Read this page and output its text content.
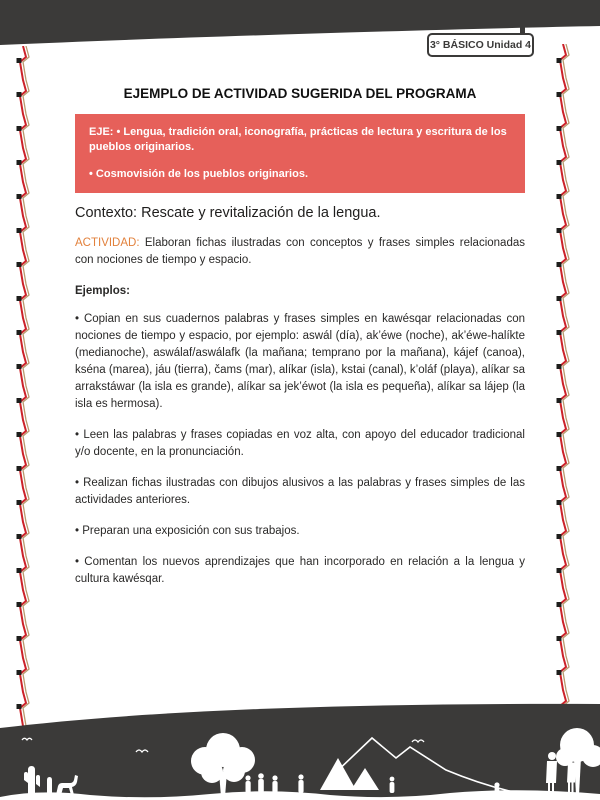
3° BÁSICO Unidad 4
EJEMPLO DE ACTIVIDAD SUGERIDA DEL PROGRAMA

EJE: • Lengua, tradición oral, iconografía, prácticas de lectura y escritura de los pueblos originarios.

• Cosmovisión de los pueblos originarios.

Contexto: Rescate y revitalización de la lengua.

ACTIVIDAD: Elaboran fichas ilustradas con conceptos y frases simples relacionadas con nociones de tiempo y espacio.

Ejemplos:

• Copian en sus cuadernos palabras y frases simples en kawésqar relacionadas con nociones de tiempo y espacio, por ejemplo: aswál (día), ak’éwe (noche), ak’éwe-halíkte (medianoche), aswálaf/aswálafk (la mañana; temprano por la mañana), kájef (canoa), kséna (marea), jáu (tierra), čams (mar), alíkar (isla), kstai (canal), k’oláf (playa), alíkar sa arrakstáwar (la isla es grande), alíkar sa jek’éwot (la isla es pequeña), alíkar sa lájep (la isla es hermosa).

• Leen las palabras y frases copiadas en voz alta, con apoyo del educador tradicional y/o docente, en la pronunciación.

• Realizan fichas ilustradas con dibujos alusivos a las palabras y frases simples de las actividades anteriores.

• Preparan una exposición con sus trabajos.

• Comentan los nuevos aprendizajes que han incorporado en relación a la lengua y cultura kawésqar.
